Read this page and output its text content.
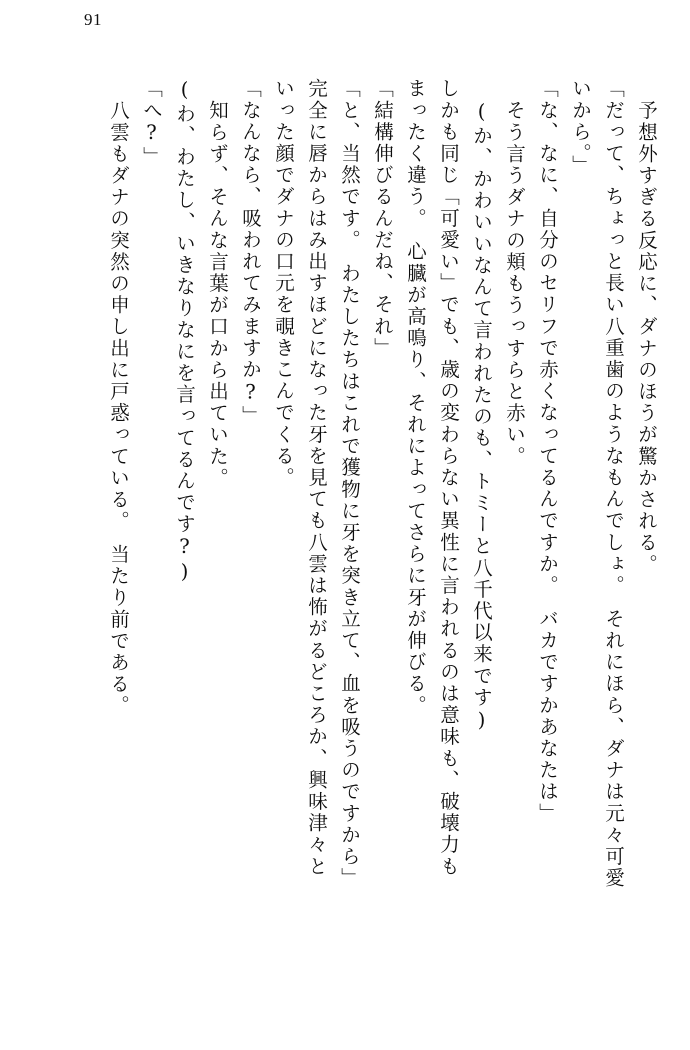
91
予想外すぎる反応に、ダナのほうが驚かされる。
「だって、ちょっと長い八重歯のようなもんでしょ。　それにほら、ダナは元々可愛
いから。」
「な、なに、自分のセリフで赤くなってるんですか。　バカですかあなたは」
そう言うダナの頬もうっすらと赤い。
(か、かわいいなんて言われたのも、トミーと八千代以来です)
しかも同じ「可愛い」でも、歳の変わらない異性に言われるのは意味も、破壊力も
まったく違う。　心臓が高鳴り、それによってさらに牙が伸びる。
「結構伸びるんだね、それ」
「と、当然です。　わたしたちはこれで獲物に牙を突き立て、血を吸うのですから」
完全に唇からはみ出すほどになった牙を見ても八雲は怖がるどころか、興味津々と
いった顔でダナの口元を覗きこんでくる。
「なんなら、吸われてみますか?」
知らず、そんな言葉が口から出ていた。
(わ、わたし、いきなりなにを言ってるんです?)
「へ?」
八雲もダナの突然の申し出に戸惑っている。　当たり前である。
